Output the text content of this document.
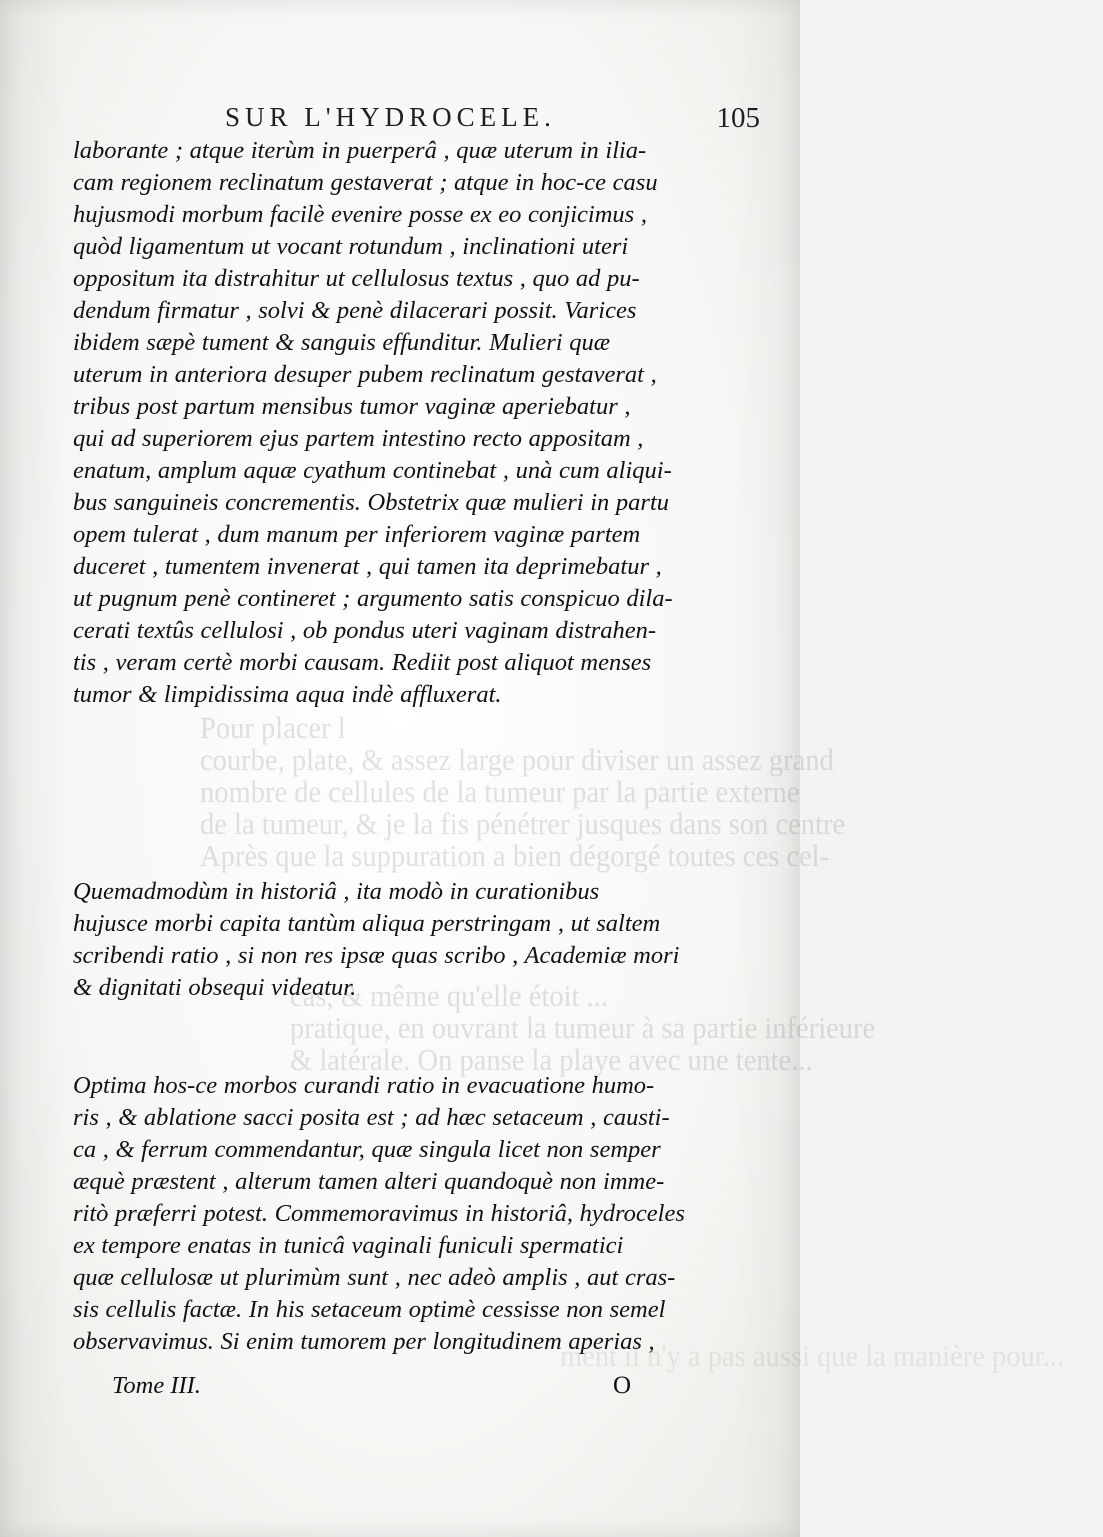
Pour placer l
courbe, plate, & assez large pour diviser un assez grand
nombre de cellules de la tumeur par la partie externe
de la tumeur, & je la fis pénétrer jusques dans son centre
Après que la suppuration a bien dégorgé toutes ces cel-
cas, & même qu'elle étoit ...
pratique, en ouvrant la tumeur à sa partie inférieure
& latérale. On panse la playe avec une tente...
ment il n'y a pas aussi que la manière pour...
SUR L'HYDROCELE.	105
laborante ; atque iterùm in puerperâ , quæ uterum in ilia-
cam regionem reclinatum gestaverat ; atque in hoc-ce casu
hujusmodi morbum facilè evenire posse ex eo conjicimus ,
quòd ligamentum ut vocant rotundum , inclinationi uteri
oppositum ita distrahitur ut cellulosus textus , quo ad pu-
dendum firmatur , solvi & penè dilacerari possit. Varices
ibidem sæpè tument & sanguis effunditur. Mulieri quæ
uterum in anteriora desuper pubem reclinatum gestaverat ,
tribus post partum mensibus tumor vaginæ aperiebatur ,
qui ad superiorem ejus partem intestino recto appositam ,
enatum, amplum aquæ cyathum continebat , unà cum aliqui-
bus sanguineis concrementis. Obstetrix quæ mulieri in partu
opem tulerat , dum manum per inferiorem vaginæ partem
duceret , tumentem invenerat , qui tamen ita deprimebatur ,
ut pugnum penè contineret ; argumento satis conspicuo dila-
cerati textûs cellulosi , ob pondus uteri vaginam distrahen-
tis , veram certè morbi causam. Rediit post aliquot menses
tumor & limpidissima aqua indè affluxerat.
Quemadmodùm in historiâ , ita modò in curationibus
hujusce morbi capita tantùm aliqua perstringam , ut saltem
scribendi ratio , si non res ipsæ quas scribo , Academiæ mori
& dignitati obsequi videatur.
Optima hos-ce morbos curandi ratio in evacuatione humo-
ris , & ablatione sacci posita est ; ad hæc setaceum , causti-
ca , & ferrum commendantur, quæ singula licet non semper
æquè præstent , alterum tamen alteri quandoquè non imme-
ritò præferri potest. Commemoravimus in historiâ, hydroceles
ex tempore enatas in tunicâ vaginali funiculi spermatici
quæ cellulosæ ut plurimùm sunt , nec adeò amplis , aut cras-
sis cellulis factæ. In his setaceum optimè cessisse non semel
observavimus. Si enim tumorem per longitudinem aperias ,
Tome III.	O
